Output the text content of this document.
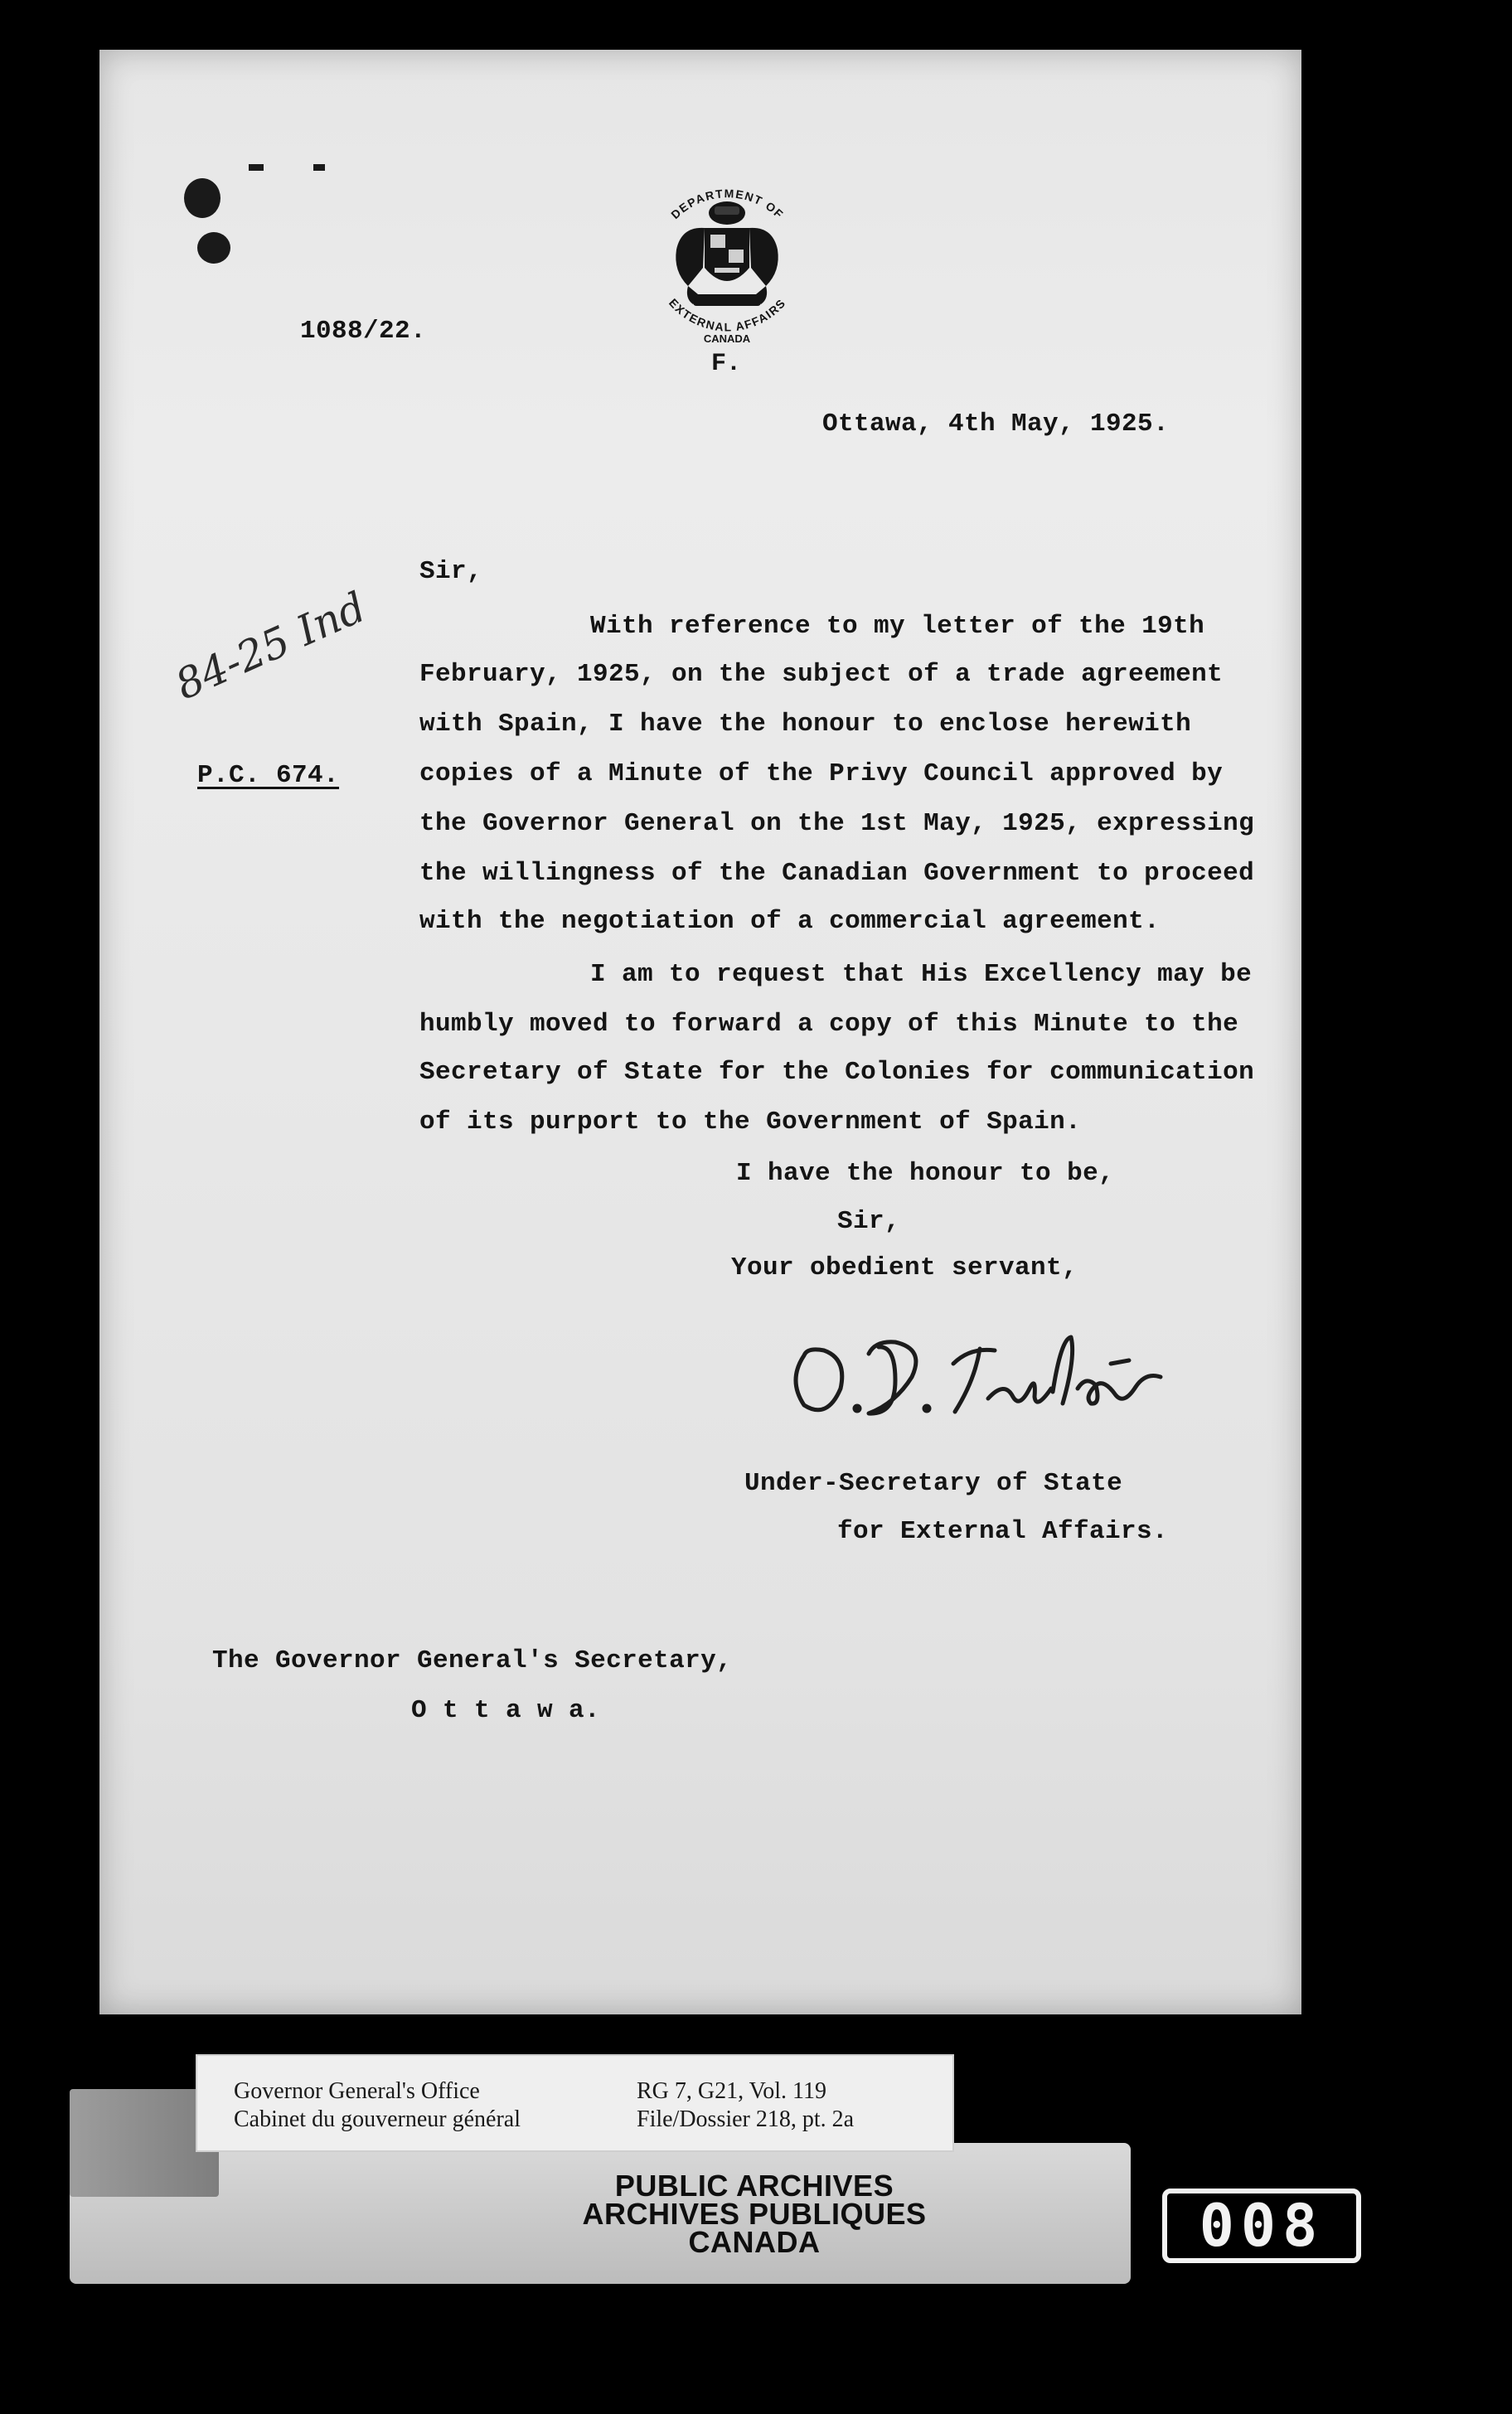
1088/22.
DEPARTMENT OF
EXTERNAL AFFAIRS
CANADA
F.
Ottawa, 4th May, 1925.
84-25 Ind
Sir,
P.C. 674.
With reference to my letter of the 19th
February, 1925, on the subject of a trade agreement
with Spain, I have the honour to enclose herewith
copies of a Minute of the Privy Council approved by
the Governor General on the 1st May, 1925, expressing
the willingness of the Canadian Government to proceed
with the negotiation of a commercial agreement.
I am to request that His Excellency may be
humbly moved to forward a copy of this Minute to the
Secretary of State for the Colonies for communication
of its purport to the Government of Spain.
I have the honour to be,
Sir,
Your obedient servant,
Under-Secretary of State
for External Affairs.
The Governor General's Secretary,
O t t a w a.
Governor General's Office
Cabinet du gouverneur général
RG 7, G21, Vol. 119
File/Dossier 218, pt. 2a
PUBLIC ARCHIVES
ARCHIVES PUBLIQUES
CANADA	008
